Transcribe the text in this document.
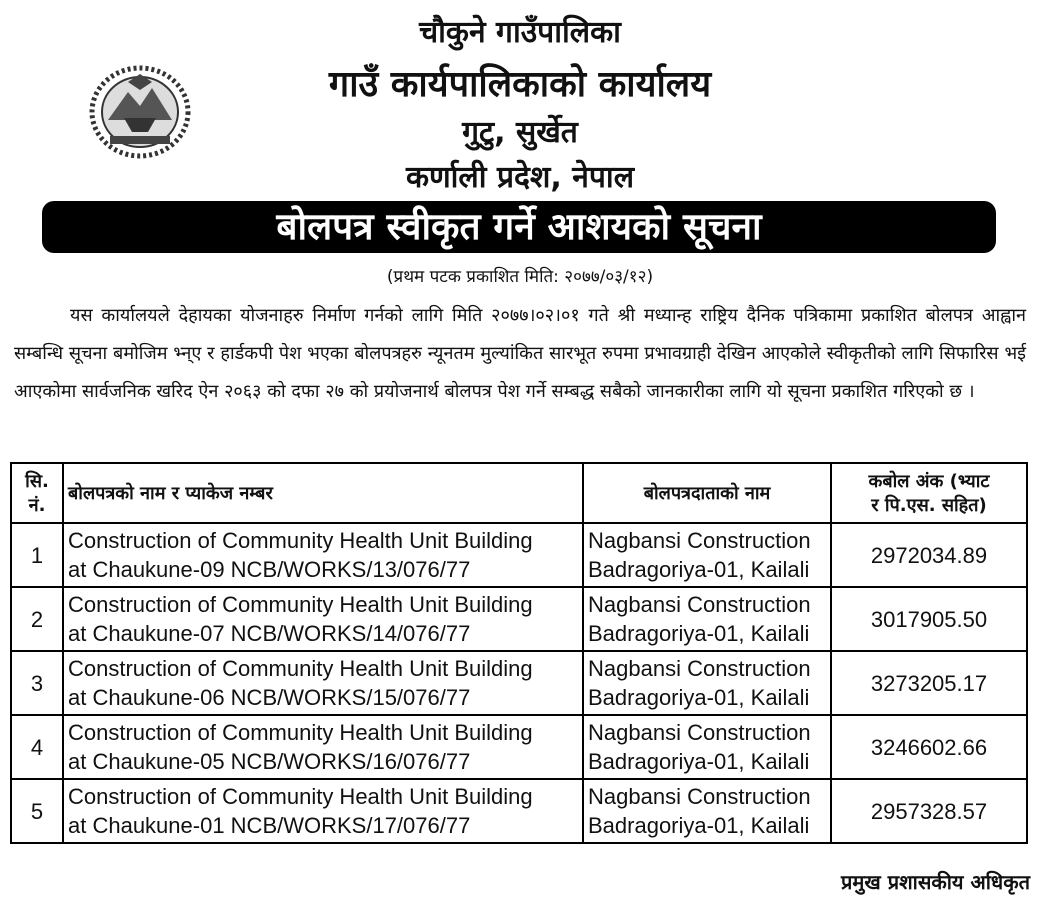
चौकुने गाउँपालिका
गाउँ कार्यपालिकाको कार्यालय
गुटु, सुर्खेत
कर्णाली प्रदेश, नेपाल
बोलपत्र स्वीकृत गर्ने आशयको सूचना
(प्रथम पटक प्रकाशित मिति: २०७७/०३/१२)
यस कार्यालयले देहायका योजनाहरु निर्माण गर्नको लागि मिति २०७७।०२।०१ गते श्री मध्यान्ह राष्ट्रिय दैनिक पत्रिकामा प्रकाशित बोलपत्र आह्वान सम्बन्धि सूचना बमोजिम भ्न्ए र हार्डकपी पेश भएका बोलपत्रहरु न्यूनतम मुल्यांकित सारभूत रुपमा प्रभावग्राही देखिन आएकोले स्वीकृतीको लागि सिफारिस भई आएकोमा सार्वजनिक खरिद ऐन २०६३ को दफा २७ को प्रयोजनार्थ बोलपत्र पेश गर्ने सम्बद्ध सबैको जानकारीका लागि यो सूचना प्रकाशित गरिएको छ ।
सि.
नं.	बोलपत्रको नाम र प्याकेज नम्बर	बोलपत्रदाताको नाम	कबोल अंक (भ्याट
र पि.एस. सहित)

1	Construction of Community Health Unit Building
at Chaukune-09 NCB/WORKS/13/076/77	Nagbansi Construction
Badragoriya-01, Kailali	2972034.89
2	Construction of Community Health Unit Building
at Chaukune-07 NCB/WORKS/14/076/77	Nagbansi Construction
Badragoriya-01, Kailali	3017905.50
3	Construction of Community Health Unit Building
at Chaukune-06 NCB/WORKS/15/076/77	Nagbansi Construction
Badragoriya-01, Kailali	3273205.17
4	Construction of Community Health Unit Building
at Chaukune-05 NCB/WORKS/16/076/77	Nagbansi Construction
Badragoriya-01, Kailali	3246602.66
5	Construction of Community Health Unit Building
at Chaukune-01 NCB/WORKS/17/076/77	Nagbansi Construction
Badragoriya-01, Kailali	2957328.57
प्रमुख प्रशासकीय अधिकृत
